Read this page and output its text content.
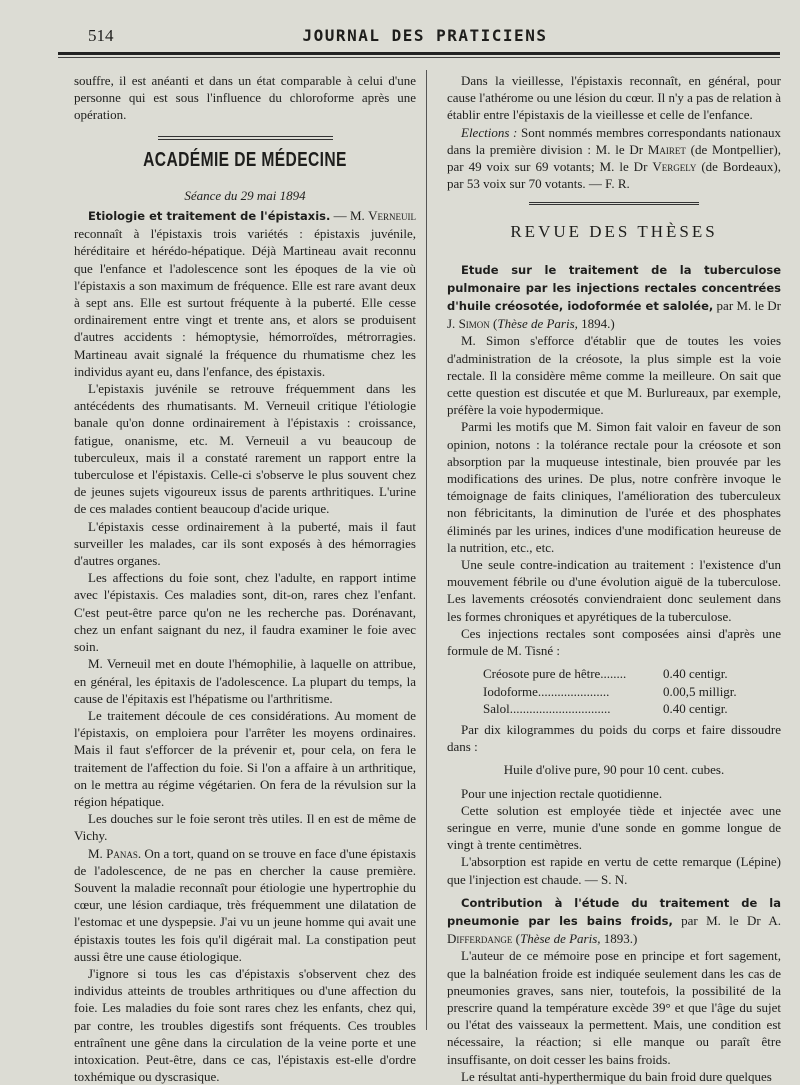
514	JOURNAL DES PRATICIENS

souffre, il est anéanti et dans un état comparable à celui d'une personne qui est sous l'influence du chloroforme après une opération.

ACADÉMIE DE MÉDECINE
Séance du 29 mai 1894

Etiologie et traitement de l'épistaxis. — M. Verneuil reconnaît à l'épistaxis trois variétés : épistaxis juvénile, héréditaire et hérédo-hépatique. Déjà Martineau avait reconnu que l'enfance et l'adolescence sont les époques de la vie où l'épistaxis a son maximum de fréquence. Elle est rare avant deux à sept ans. Elle est surtout fréquente à la puberté. Elle cesse ordinairement entre vingt et trente ans, et alors se produisent d'autres accidents : hémoptysie, hémorroïdes, métrorragies. Martineau avait signalé la fréquence du rhumatisme chez les individus ayant eu, dans l'enfance, des épistaxis.

L'epistaxis juvénile se retrouve fréquemment dans les antécédents des rhumatisants. M. Verneuil critique l'étiologie banale qu'on donne ordinairement à l'épistaxis : croissance, fatigue, onanisme, etc. M. Verneuil a vu beaucoup de tuberculeux, mais il a constaté rarement un rapport entre la tuberculose et l'épistaxis. Celle-ci s'observe le plus souvent chez de jeunes sujets vigoureux issus de parents arthritiques. L'urine de ces malades contient beaucoup d'acide urique.

L'épistaxis cesse ordinairement à la puberté, mais il faut surveiller les malades, car ils sont exposés à des hémorragies d'autres organes.

Les affections du foie sont, chez l'adulte, en rapport intime avec l'épistaxis. Ces maladies sont, dit-on, rares chez l'enfant. C'est peut-être parce qu'on ne les recherche pas. Dorénavant, chez un enfant saignant du nez, il faudra examiner le foie avec soin.

M. Verneuil met en doute l'hémophilie, à laquelle on attribue, en général, les épitaxis de l'adolescence. La plupart du temps, la cause de l'épitaxis est l'hépatisme ou l'arthritisme.

Le traitement découle de ces considérations. Au moment de l'épistaxis, on emploiera pour l'arrêter les moyens ordinaires. Mais il faut s'efforcer de la prévenir et, pour cela, on fera le traitement de l'affection du foie. Si l'on a affaire à un arthritique, on le mettra au régime végétarien. On fera de la révulsion sur la région hépatique.

Les douches sur le foie seront très utiles. Il en est de même de Vichy.

M. Panas. On a tort, quand on se trouve en face d'une épistaxis de l'adolescence, de ne pas en chercher la cause première. Souvent la maladie reconnaît pour étiologie une hypertrophie du cœur, une lésion cardiaque, très fréquemment une dilatation de l'estomac et une dyspepsie. J'ai vu un jeune homme qui avait une épistaxis toutes les fois qu'il digérait mal. La constipation peut aussi être une cause étiologique.

J'ignore si tous les cas d'épistaxis s'observent chez des individus atteints de troubles arthritiques ou d'une affection du foie. Les maladies du foie sont rares chez les enfants, chez qui, par contre, les troubles digestifs sont fréquents. Ces troubles entraînent une gêne dans la circulation de la veine porte et une intoxication. Peut-être, dans ce cas, l'épistaxis est-elle d'ordre toxhémique ou dyscrasique.

Dans la vieillesse, l'épistaxis reconnaît, en général, pour cause l'athérome ou une lésion du cœur. Il n'y a pas de relation à établir entre l'épistaxis de la vieillesse et celle de l'enfance.

Elections : Sont nommés membres correspondants nationaux dans la première division : M. le Dr Mairet (de Montpellier), par 49 voix sur 69 votants; M. le Dr Vergely (de Bordeaux), par 53 voix sur 70 votants. — F. R.

REVUE DES THÈSES

Etude sur le traitement de la tuberculose pulmonaire par les injections rectales concentrées d'huile créosotée, iodoformée et salolée, par M. le Dr J. Simon (Thèse de Paris, 1894.)

M. Simon s'efforce d'établir que de toutes les voies d'administration de la créosote, la plus simple est la voie rectale. Il la considère même comme la meilleure. On sait que cette question est discutée et que M. Burlureaux, par exemple, préfère la voie hypodermique.

Parmi les motifs que M. Simon fait valoir en faveur de son opinion, notons : la tolérance rectale pour la créosote et son absorption par la muqueuse intestinale, bien prouvée par les modifications des urines. De plus, notre confrère invoque le témoignage de faits cliniques, l'amélioration des tuberculeux non fébricitants, la diminution de l'urée et des phosphates éliminés par les urines, indices d'une modification heureuse de la nutrition, etc., etc.

Une seule contre-indication au traitement : l'existence d'un mouvement fébrile ou d'une évolution aiguë de la tuberculose. Les lavements créosotés conviendraient donc seulement dans les formes chroniques et apyrétiques de la tuberculose.

Ces injections rectales sont composées ainsi d'après une formule de M. Tisné :

Créosote pure de hêtre........	0.40 centigr.
Iodoforme......................	0.00,5 milligr.
Salol...............................	0.40 centigr.

Par dix kilogrammes du poids du corps et faire dissoudre dans :

Huile d'olive pure, 90 pour 10 cent. cubes.

Pour une injection rectale quotidienne.

Cette solution est employée tiède et injectée avec une seringue en verre, munie d'une sonde en gomme longue de vingt à trente centimètres.

L'absorption est rapide en vertu de cette remarque (Lépine) que l'injection est chaude. — S. N.

Contribution à l'étude du traitement de la pneumonie par les bains froids, par M. le Dr A. Differdange (Thèse de Paris, 1893.)

L'auteur de ce mémoire pose en principe et fort sagement, que la balnéation froide est indiquée seulement dans les cas de pneumonies graves, sans nier, toutefois, la possibilité de la prescrire quand la température excède 39° et que l'âge du sujet ou l'état des vaisseaux la permettent. Mais, une condition est nécessaire, la réaction; si elle manque ou paraît être insuffisante, on doit cesser les bains froids.

Le résultat anti-hyperthermique du bain froid dure quelques
